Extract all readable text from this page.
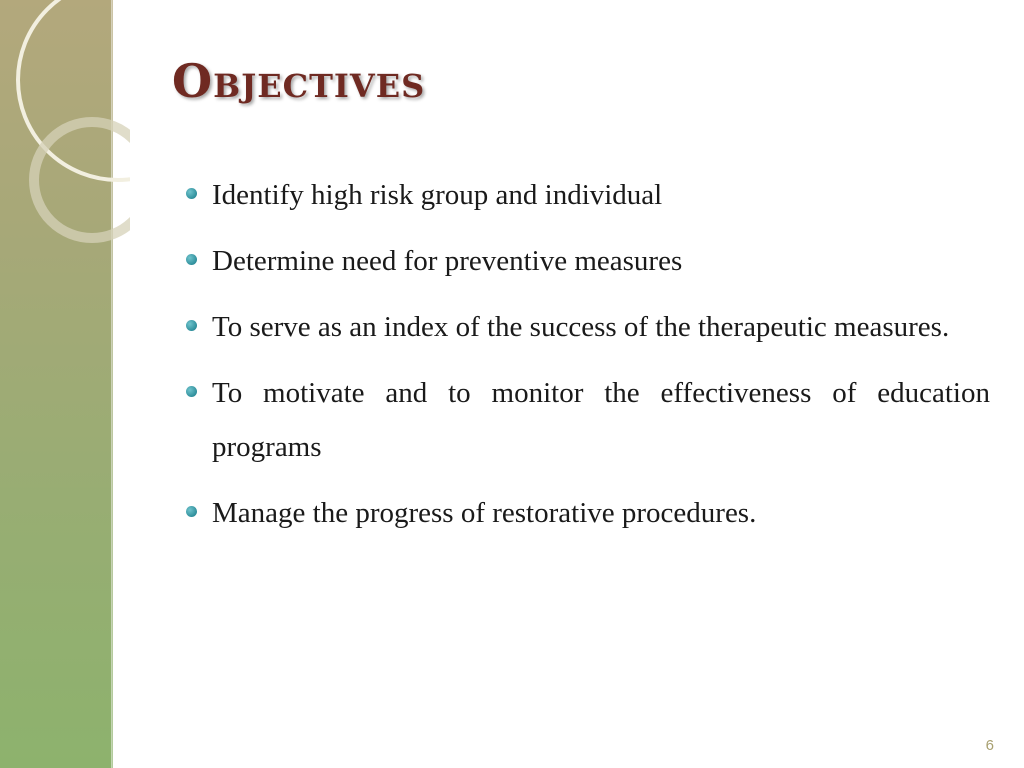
Objectives
Identify high risk group and individual
Determine need for preventive measures
To serve as an index of the success of the therapeutic measures.
To motivate and to monitor the effectiveness of education programs
Manage the progress of restorative procedures.
6
